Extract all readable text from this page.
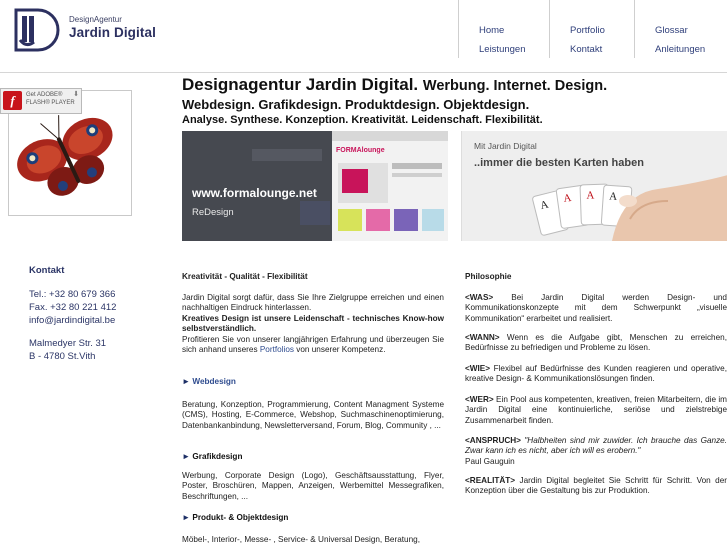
DesignAgentur
Jardin Digital	Home	Portfolio	Glossar
Leistungen	Kontakt	Anleitungen
f	Get ADOBE®
FLASH® PLAYER
⬇
Kontakt
Tel.: +32 80 679 366
Fax. +32 80 221 412
info@jardindigital.be
Malmedyer Str. 31
B - 4780 St.Vith
Designagentur Jardin Digital. Werbung. Internet. Design.
Webdesign. Grafikdesign. Produktdesign. Objektdesign.
Analyse. Synthese. Konzeption. Kreativität. Leidenschaft. Flexibilität.
FORMAlounge
www.formalounge.net
ReDesign
Mit Jardin Digital
..immer die besten Karten haben
A A A A
Kreativität - Qualität - Flexibilität
Jardin Digital sorgt dafür, dass Sie Ihre Zielgruppe erreichen und einen nachhaltigen Eindruck hinterlassen.
Kreatives Design ist unsere Leidenschaft - technisches Know-how selbstverständlich.
Profitieren Sie von unserer langjährigen Erfahrung und überzeugen Sie sich anhand unseres Portfolios von unserer Kompetenz.
► Webdesign
Beratung, Konzeption, Programmierung, Content Managment Systeme (CMS), Hosting, E-Commerce, Webshop, Suchmaschinenoptimierung, Datenbankanbindung, Newsletterversand, Forum, Blog, Community , ...
► Grafikdesign
Werbung, Corporate Design (Logo), Geschäftsausstattung, Flyer, Poster, Broschüren, Mappen, Anzeigen, Werbemittel Messegrafiken, Beschriftungen, ...
► Produkt- & Objektdesign
Möbel-, Interior-, Messe- , Service- & Universal Design, Beratung,
Philosophie
<WAS> Bei Jardin Digital werden Design- und Kommunikationskonzepte mit dem Schwerpunkt „visuelle Kommunikation“ erarbeitet und realisiert.
<WANN> Wenn es die Aufgabe gibt, Menschen zu erreichen, Bedürfnisse zu befriedigen und Probleme zu lösen.
<WIE> Flexibel auf Bedürfnisse des Kunden reagieren und operative, kreative Design- & Kommunikationslösungen finden.
<WER> Ein Pool aus kompetenten, kreativen, freien Mitarbeitern, die im Jardin Digital eine kontinuierliche, seriöse und zielstrebige Zusammenarbeit finden.
<ANSPRUCH> "Halbheiten sind mir zuwider. Ich brauche das Ganze. Zwar kann ich es nicht, aber ich will es erobern."
Paul Gauguin
<REALITÄT> Jardin Digital begleitet Sie Schritt für Schritt. Von der Konzeption über die Gestaltung bis zur Produktion.
